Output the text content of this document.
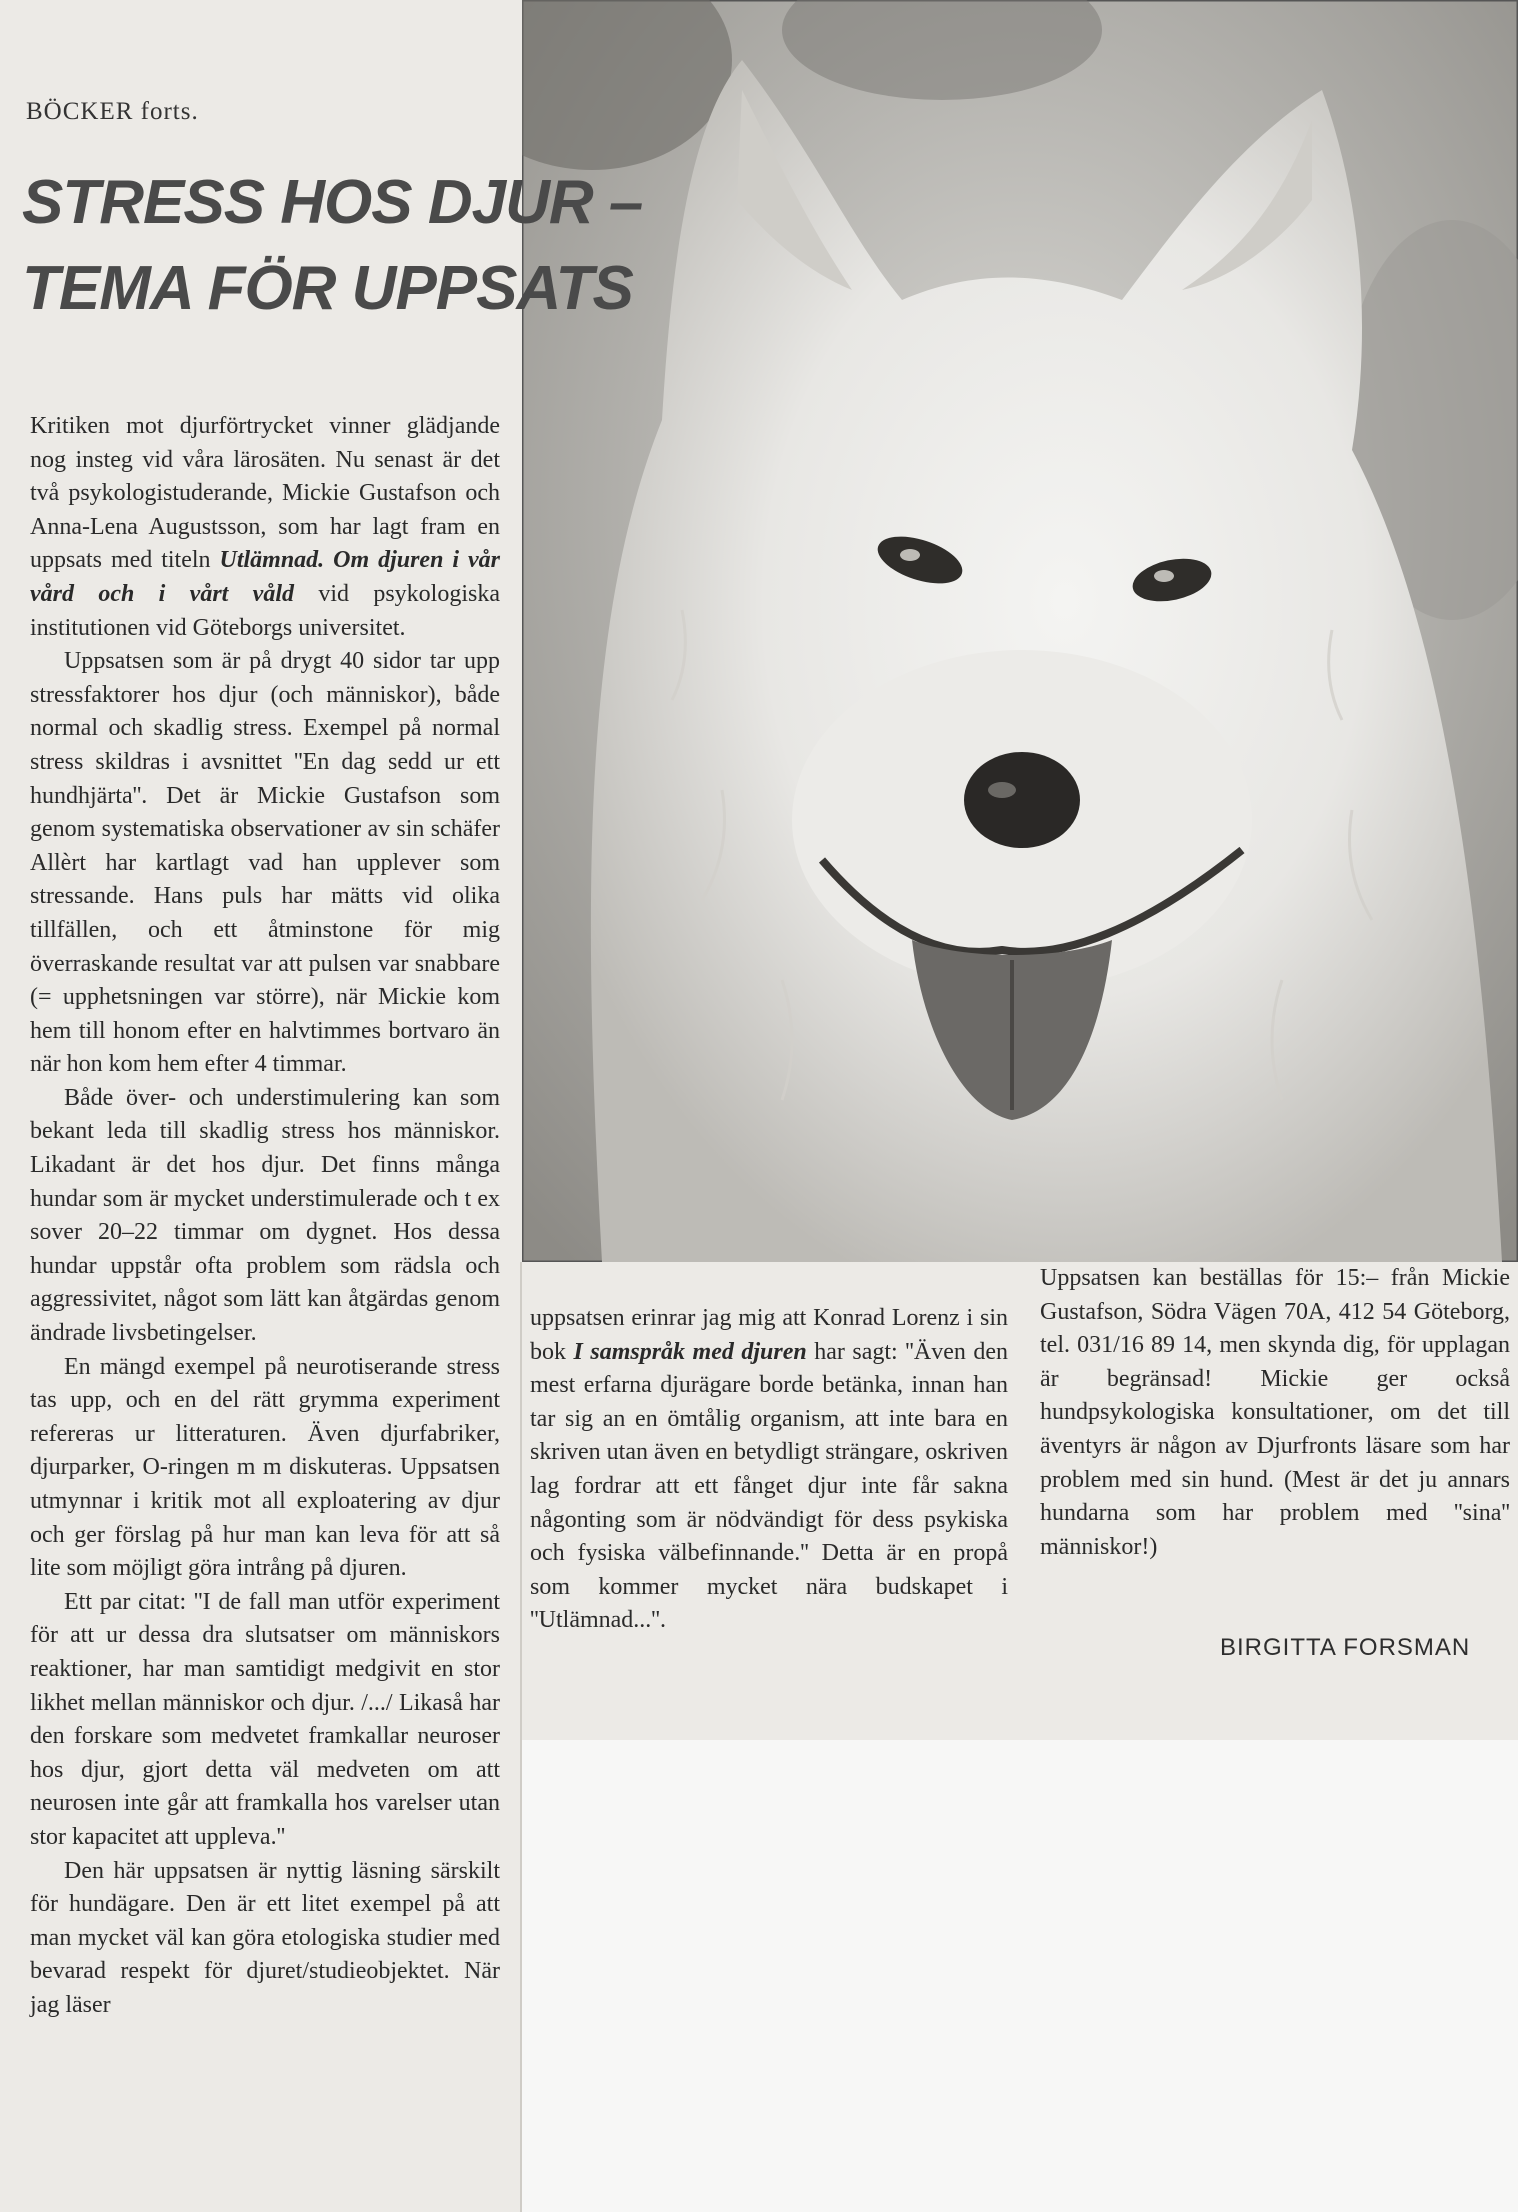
BÖCKER forts.
STRESS HOS DJUR –
TEMA FÖR UPPSATS

Kritiken mot djurförtrycket vinner glädjande nog insteg vid våra lärosäten. Nu senast är det två psykologistuderande, Mickie Gustafson och Anna-Lena Augustsson, som har lagt fram en uppsats med titeln Utlämnad. Om djuren i vår vård och i vårt våld vid psykologiska institutionen vid Göteborgs universitet.

Uppsatsen som är på drygt 40 sidor tar upp stressfaktorer hos djur (och människor), både normal och skadlig stress. Exempel på normal stress skildras i avsnittet ''En dag sedd ur ett hundhjärta''. Det är Mickie Gustafson som genom systematiska observationer av sin schäfer Allèrt har kartlagt vad han upplever som stressande. Hans puls har mätts vid olika tillfällen, och ett åtminstone för mig överraskande resultat var att pulsen var snabbare (= upphetsningen var större), när Mickie kom hem till honom efter en halvtimmes bortvaro än när hon kom hem efter 4 timmar.

Både över- och understimulering kan som bekant leda till skadlig stress hos människor. Likadant är det hos djur. Det finns många hundar som är mycket understimulerade och t ex sover 20–22 timmar om dygnet. Hos dessa hundar uppstår ofta problem som rädsla och aggressivitet, något som lätt kan åtgärdas genom ändrade livsbetingelser.

En mängd exempel på neurotiserande stress tas upp, och en del rätt grymma experiment refereras ur litteraturen. Även djurfabriker, djurparker, O-ringen m m diskuteras. Uppsatsen utmynnar i kritik mot all exploatering av djur och ger förslag på hur man kan leva för att så lite som möjligt göra intrång på djuren.

Ett par citat: ''I de fall man utför experiment för att ur dessa dra slutsatser om människors reaktioner, har man samtidigt medgivit en stor likhet mellan människor och djur. /.../ Likaså har den forskare som medvetet framkallar neuroser hos djur, gjort detta väl medveten om att neurosen inte går att framkalla hos varelser utan stor kapacitet att uppleva.''

Den här uppsatsen är nyttig läsning särskilt för hundägare. Den är ett litet exempel på att man mycket väl kan göra etologiska studier med bevarad respekt för djuret/studieobjektet. När jag läser

uppsatsen erinrar jag mig att Konrad Lorenz i sin bok I samspråk med djuren har sagt: ''Även den mest erfarna djurägare borde betänka, innan han tar sig an en ömtålig organism, att inte bara en skriven utan även en betydligt strängare, oskriven lag fordrar att ett fånget djur inte får sakna någonting som är nödvändigt för dess psykiska och fysiska välbefinnande.'' Detta är en propå som kommer mycket nära budskapet i ''Utlämnad...''.

Uppsatsen kan beställas för 15:– från Mickie Gustafson, Södra Vägen 70A, 412 54 Göteborg, tel. 031/16 89 14, men skynda dig, för upplagan är begränsad! Mickie ger också hundpsykologiska konsultationer, om det till äventyrs är någon av Djurfronts läsare som har problem med sin hund. (Mest är det ju annars hundarna som har problem med ''sina'' människor!)

BIRGITTA FORSMAN
